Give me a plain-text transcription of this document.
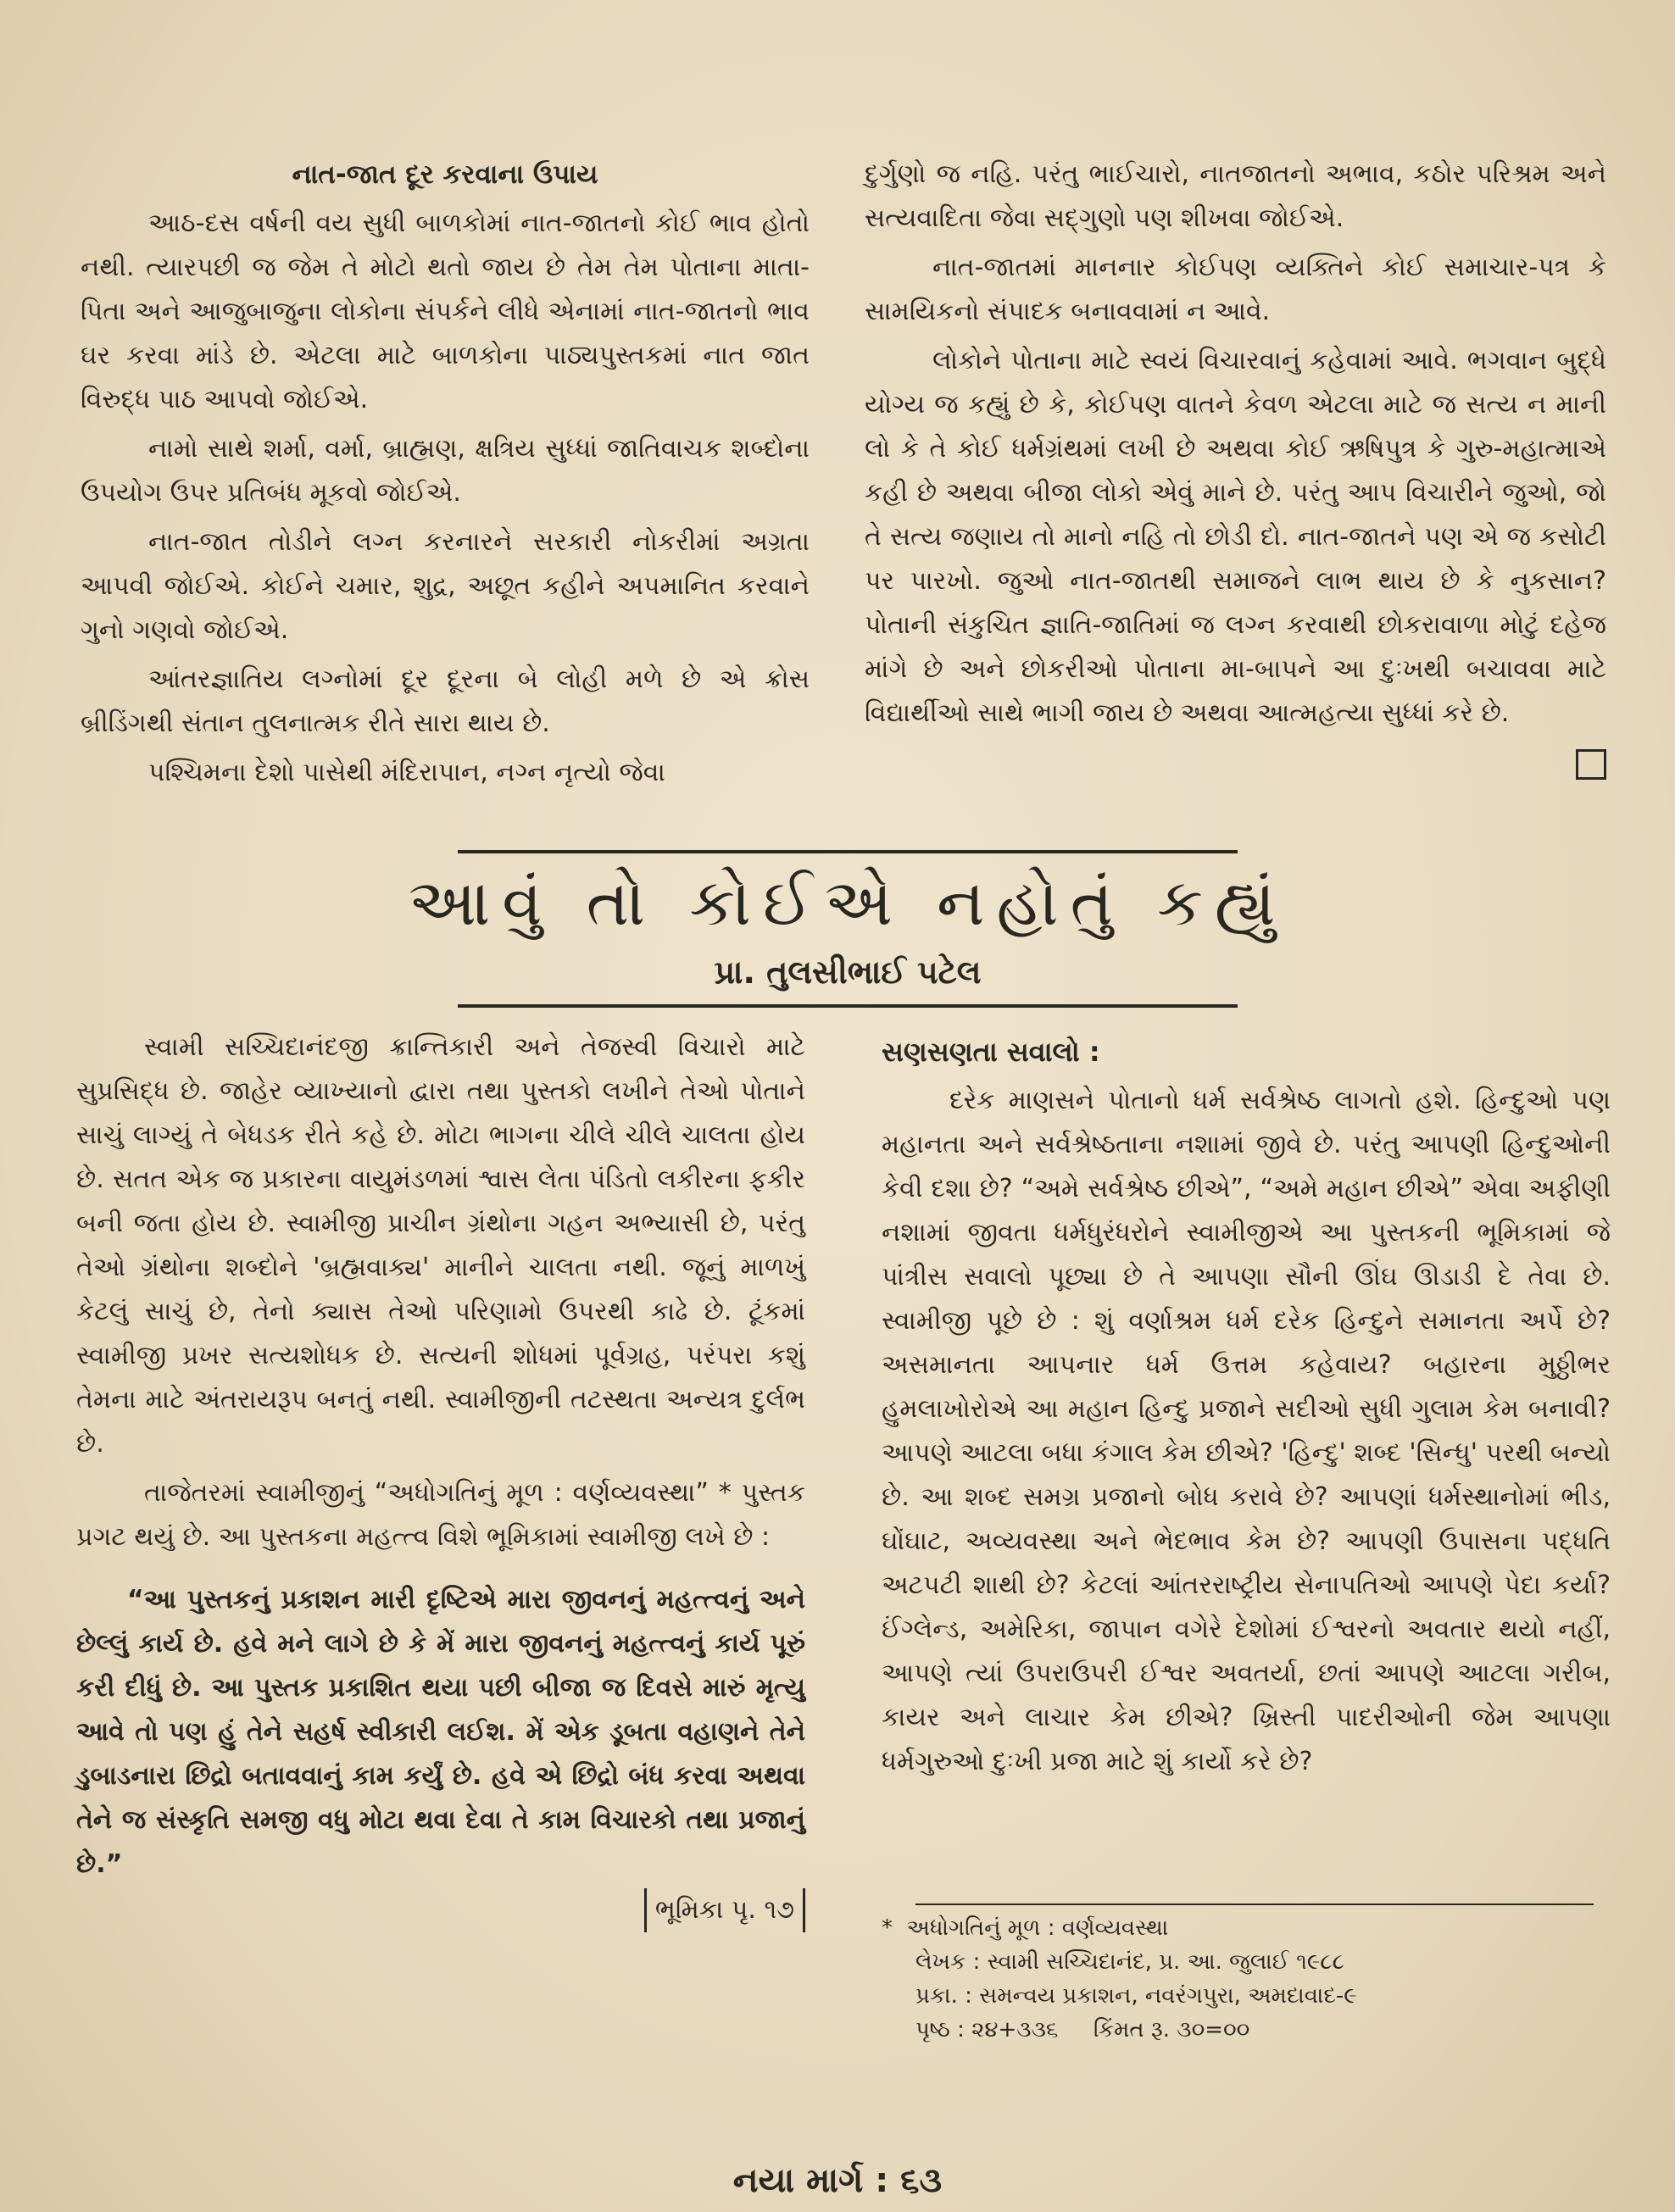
નાત-જાત દૂર કરવાના ઉપાય

આઠ-દસ વર્ષની વય સુધી બાળકોમાં નાત-જાતનો કોઈ ભાવ હોતો નથી. ત્યારપછી જ જેમ તે મોટો થતો જાય છે તેમ તેમ પોતાના માતા-પિતા અને આજુબાજુના લોકોના સંપર્કને લીધે એનામાં નાત-જાતનો ભાવ ઘર કરવા માંડે છે. એટલા માટે બાળકોના પાઠ્યપુસ્તકમાં નાત જાત વિરુદ્ધ પાઠ આપવો જોઈએ.

નામો સાથે શર્મા, વર્મા, બ્રાહ્મણ, ક્ષત્રિય સુધ્ધાં જાતિવાચક શબ્દોના ઉપયોગ ઉપર પ્રતિબંધ મૂકવો જોઈએ.

નાત-જાત તોડીને લગ્ન કરનારને સરકારી નોકરીમાં અગ્રતા આપવી જોઈએ. કોઈને ચમાર, શુદ્ર, અછૂત કહીને અપમાનિત કરવાને ગુનો ગણવો જોઈએ.

આંતરજ્ઞાતિય લગ્નોમાં દૂર દૂરના બે લોહી મળે છે એ ક્રોસ બ્રીડિંગથી સંતાન તુલનાત્મક રીતે સારા થાય છે.

પશ્ચિમના દેશો પાસેથી મંદિરાપાન, નગ્ન નૃત્યો જેવા

દુર્ગુણો જ નહિ. પરંતુ ભાઈચારો, નાતજાતનો અભાવ, કઠોર પરિશ્રમ અને સત્યવાદિતા જેવા સદ્ગુણો પણ શીખવા જોઈએ.

નાત-જાતમાં માનનાર કોઈપણ વ્યક્તિને કોઈ સમાચાર-પત્ર કે સામયિકનો સંપાદક બનાવવામાં ન આવે.

લોકોને પોતાના માટે સ્વયં વિચારવાનું કહેવામાં આવે. ભગવાન બુદ્ધે યોગ્ય જ કહ્યું છે કે, કોઈપણ વાતને કેવળ એટલા માટે જ સત્ય ન માની લો કે તે કોઈ ધર્મગ્રંથમાં લખી છે અથવા કોઈ ઋષિપુત્ર કે ગુરુ-મહાત્માએ કહી છે અથવા બીજા લોકો એવું માને છે. પરંતુ આપ વિચારીને જુઓ, જો તે સત્ય જણાય તો માનો નહિ તો છોડી દો. નાત-જાતને પણ એ જ કસોટી પર પારખો. જુઓ નાત-જાતથી સમાજને લાભ થાય છે કે નુકસાન? પોતાની સંકુચિત જ્ઞાતિ-જાતિમાં જ લગ્ન કરવાથી છોકરાવાળા મોટું દહેજ માંગે છે અને છોકરીઓ પોતાના મા-બાપને આ દુઃખથી બચાવવા માટે વિદ્યાર્થીઓ સાથે ભાગી જાય છે અથવા આત્મહત્યા સુધ્ધાં કરે છે.

આવું તો કોઈએ નહોતું કહ્યું
પ્રા. તુલસીભાઈ પટેલ

સ્વામી સચ્ચિદાનંદજી ક્રાન્તિકારી અને તેજસ્વી વિચારો માટે સુપ્રસિદ્ધ છે. જાહેર વ્યાખ્યાનો દ્વારા તથા પુસ્તકો લખીને તેઓ પોતાને સાચું લાગ્યું તે બેધડક રીતે કહે છે. મોટા ભાગના ચીલે ચીલે ચાલતા હોય છે. સતત એક જ પ્રકારના વાયુમંડળમાં શ્વાસ લેતા પંડિતો લકીરના ફકીર બની જતા હોય છે. સ્વામીજી પ્રાચીન ગ્રંથોના ગહન અભ્યાસી છે, પરંતુ તેઓ ગ્રંથોના શબ્દોને 'બ્રહ્મવાક્ય' માનીને ચાલતા નથી. જૂનું માળખું કેટલું સાચું છે, તેનો ક્યાસ તેઓ પરિણામો ઉપરથી કાઢે છે. ટૂંકમાં સ્વામીજી પ્રખર સત્યશોધક છે. સત્યની શોધમાં પૂર્વગ્રહ, પરંપરા કશું તેમના માટે અંતરાયરૂપ બનતું નથી. સ્વામીજીની તટસ્થતા અન્યત્ર દુર્લભ છે.

તાજેતરમાં સ્વામીજીનું “અધોગતિનું મૂળ : વર્ણવ્યવસ્થા” * પુસ્તક પ્રગટ થયું છે. આ પુસ્તકના મહત્ત્વ વિશે ભૂમિકામાં સ્વામીજી લખે છે :

“આ પુસ્તકનું પ્રકાશન મારી દૃષ્ટિએ મારા જીવનનું મહત્ત્વનું અને છેલ્લું કાર્ય છે. હવે મને લાગે છે કે મેં મારા જીવનનું મહત્ત્વનું કાર્ય પૂરું કરી દીધું છે. આ પુસ્તક પ્રકાશિત થયા પછી બીજા જ દિવસે મારું મૃત્યુ આવે તો પણ હું તેને સહર્ષ સ્વીકારી લઈશ. મેં એક ડૂબતા વહાણને તેને ડુબાડનારા છિદ્રો બતાવવાનું કામ કર્યું છે. હવે એ છિદ્રો બંધ કરવા અથવા તેને જ સંસ્કૃતિ સમજી વધુ મોટા થવા દેવા તે કામ વિચારકો તથા પ્રજાનું છે.”

ભૂમિકા પૃ. ૧૭
સણસણતા સવાલો :

દરેક માણસને પોતાનો ધર્મ સર્વશ્રેષ્ઠ લાગતો હશે. હિન્દુઓ પણ મહાનતા અને સર્વશ્રેષ્ઠતાના નશામાં જીવે છે. પરંતુ આપણી હિન્દુઓની કેવી દશા છે? “અમે સર્વશ્રેષ્ઠ છીએ”, “અમે મહાન છીએ” એવા અફીણી નશામાં જીવતા ધર્મધુરંધરોને સ્વામીજીએ આ પુસ્તકની ભૂમિકામાં જે પાંત્રીસ સવાલો પૂછ્યા છે તે આપણા સૌની ઊંઘ ઊડાડી દે તેવા છે. સ્વામીજી પૂછે છે : શું વર્ણાશ્રમ ધર્મ દરેક હિન્દુને સમાનતા અર્પે છે? અસમાનતા આપનાર ધર્મ ઉત્તમ કહેવાય? બહારના મુઠ્ઠીભર હુમલાખોરોએ આ મહાન હિન્દુ પ્રજાને સદીઓ સુધી ગુલામ કેમ બનાવી? આપણે આટલા બધા કંગાલ કેમ છીએ? 'હિન્દુ' શબ્દ 'સિન્ધુ' પરથી બન્યો છે. આ શબ્દ સમગ્ર પ્રજાનો બોધ કરાવે છે? આપણાં ધર્મસ્થાનોમાં ભીડ, ઘોંઘાટ, અવ્યવસ્થા અને ભેદભાવ કેમ છે? આપણી ઉપાસના પદ્ધતિ અટપટી શાથી છે? કેટલાં આંતરરાષ્ટ્રીય સેનાપતિઓ આપણે પેદા કર્યા? ઈંગ્લેન્ડ, અમેરિકા, જાપાન વગેરે દેશોમાં ઈશ્વરનો અવતાર થયો નહીં, આપણે ત્યાં ઉપરાઉપરી ઈશ્વર અવતર્યા, છતાં આપણે આટલા ગરીબ, કાયર અને લાચાર કેમ છીએ? ખ્રિસ્તી પાદરીઓની જેમ આપણા ધર્મગુરુઓ દુઃખી પ્રજા માટે શું કાર્યો કરે છે?

*  અધોગતિનું મૂળ : વર્ણવ્યવસ્થા
લેખક : સ્વામી સચ્ચિદાનંદ, પ્ર. આ. જુલાઈ ૧૯૮૮
પ્રકા. : સમન્વય પ્રકાશન, નવરંગપુરા, અમદાવાદ-૯
પૃષ્ઠ : ૨૪+૩૩૬     કિંમત રૂ. ૩૦=૦૦
નયા માર્ગ : ૬૩
